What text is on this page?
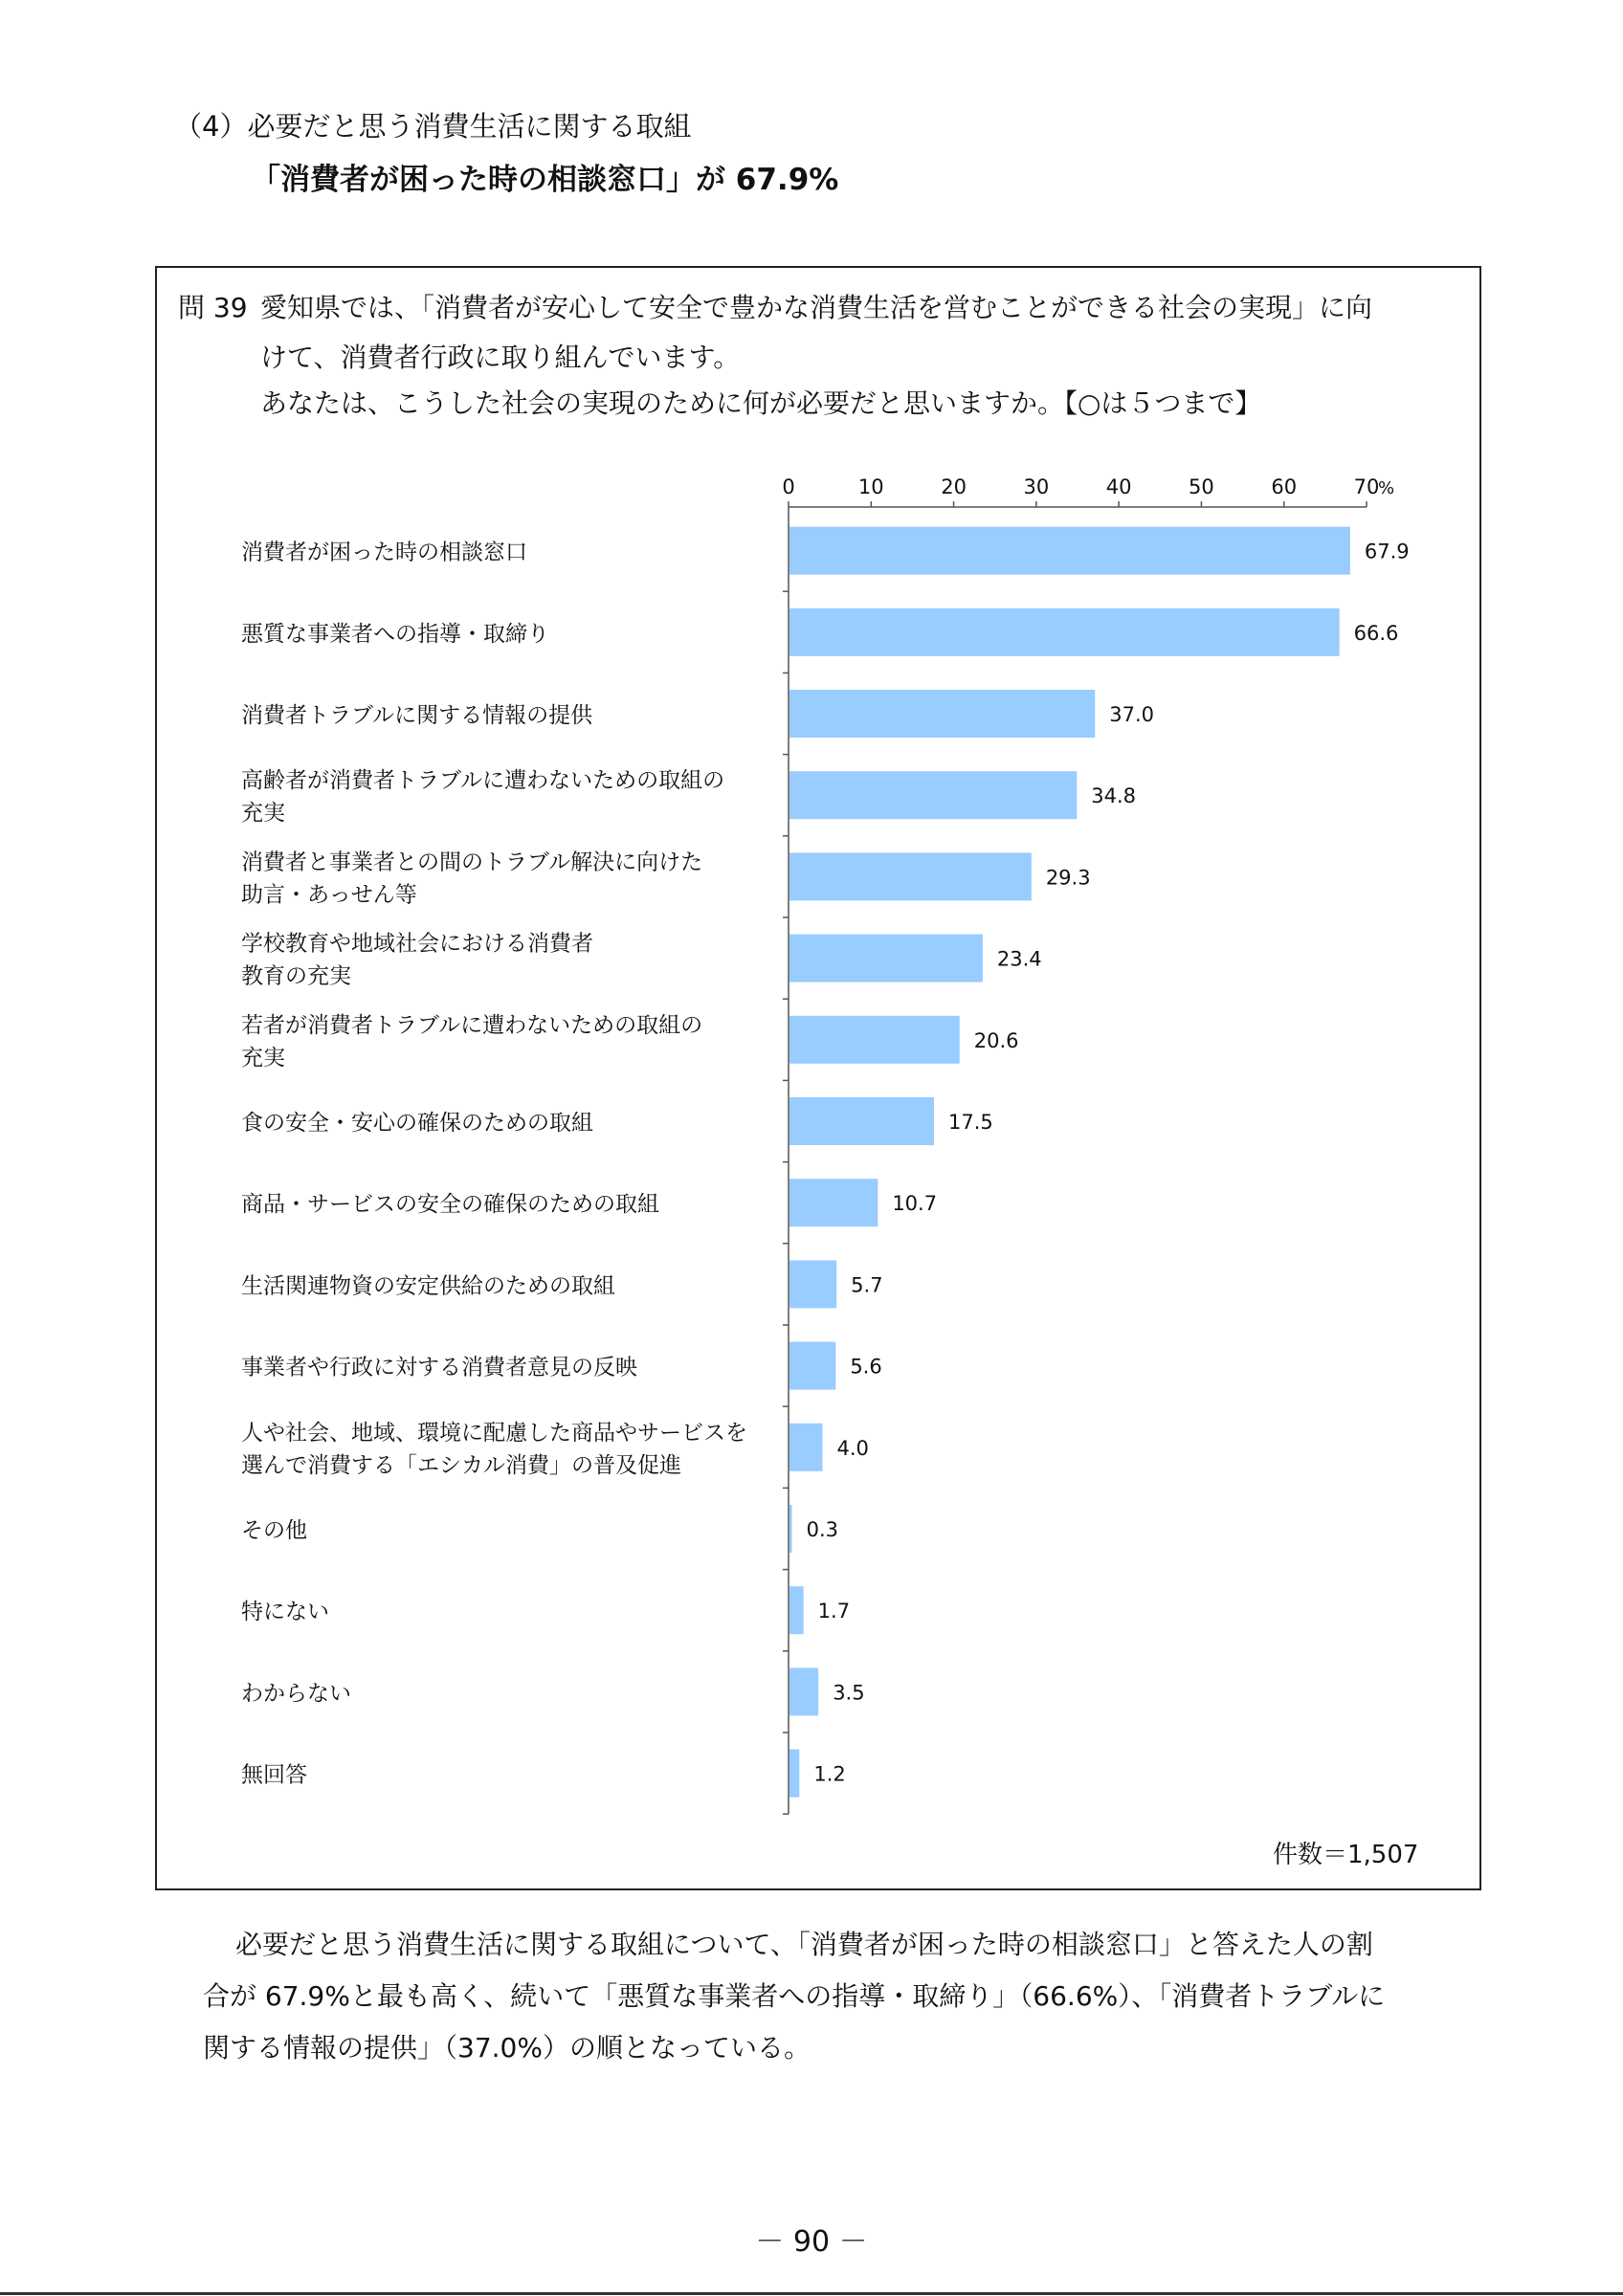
（4）必要だと思う消費生活に関する取組
「消費者が困った時の相談窓口」が 67.9%
問 39 愛知県では、「消費者が安心して安全で豊かな消費生活を営むことができる社会の実現」に向
けて、消費者行政に取り組んでいます。
あなたは、こうした社会の実現のために何が必要だと思いますか。【○は５つまで】
0	10	20	30	40	50	60	70
%
67.9
消費者が困った時の相談窓口
66.6
悪質な事業者への指導・取締り
37.0
消費者トラブルに関する情報の提供
34.8
高齢者が消費者トラブルに遭わないための取組の
充実
29.3
消費者と事業者との間のトラブル解決に向けた
助言・あっせん等
23.4
学校教育や地域社会における消費者
教育の充実
20.6
若者が消費者トラブルに遭わないための取組の
充実
17.5
食の安全・安心の確保のための取組
10.7
商品・サービスの安全の確保のための取組
5.7
生活関連物資の安定供給のための取組
5.6
事業者や行政に対する消費者意見の反映
4.0
人や社会、地域、環境に配慮した商品やサービスを
選んで消費する「エシカル消費」の普及促進
0.3
その他
1.7
特にない
3.5
わからない
1.2
無回答
件数＝1,507

必要だと思う消費生活に関する取組について、「消費者が困った時の相談窓口」と答えた人の割

合が 67.9%と最も高く、続いて「悪質な事業者への指導・取締り」（66.6%）、「消費者トラブルに

関する情報の提供」（37.0%）の順となっている。

－ 90 －
